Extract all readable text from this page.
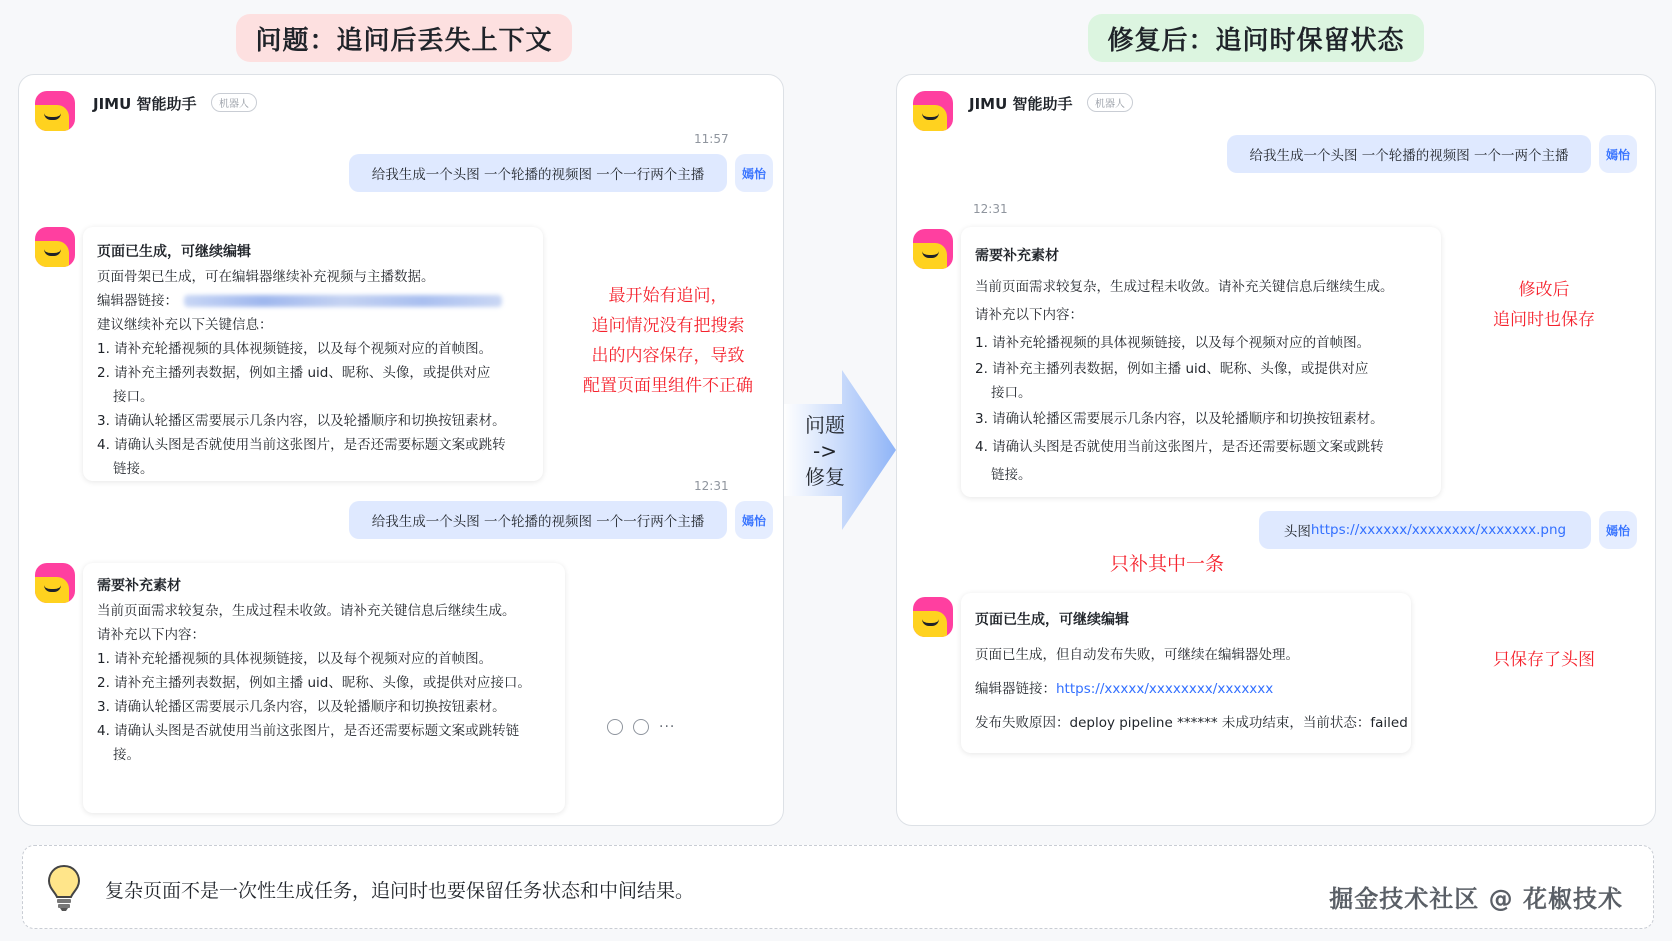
问题：追问后丢失上下文	修复后：追问时保留状态
JIMU 智能助手	机器人
11:57
给我生成一个头图 一个轮播的视频图 一个一行两个主播	嫣怡
页面已生成，可继续编辑
页面骨架已生成，可在编辑器继续补充视频与主播数据。
编辑器链接：
建议继续补充以下关键信息：
1. 请补充轮播视频的具体视频链接，以及每个视频对应的首帧图。
2. 请补充主播列表数据，例如主播 uid、昵称、头像，或提供对应
接口。
3. 请确认轮播区需要展示几条内容，以及轮播顺序和切换按钮素材。
4. 请确认头图是否就使用当前这张图片，是否还需要标题文案或跳转
链接。
最开始有追问，
追问情况没有把搜索
出的内容保存，导致
配置页面里组件不正确
12:31
给我生成一个头图 一个轮播的视频图 一个一行两个主播	嫣怡
需要补充素材
当前页面需求较复杂，生成过程未收敛。请补充关键信息后继续生成。
请补充以下内容：
1. 请补充轮播视频的具体视频链接，以及每个视频对应的首帧图。
2. 请补充主播列表数据，例如主播 uid、昵称、头像，或提供对应接口。
3. 请确认轮播区需要展示几条内容，以及轮播顺序和切换按钮素材。
4. 请确认头图是否就使用当前这张图片，是否还需要标题文案或跳转链
接。
···
问题
->
修复
JIMU 智能助手	机器人
给我生成一个头图 一个轮播的视频图 一个一两个主播	嫣怡
12:31
需要补充素材
当前页面需求较复杂，生成过程未收敛。请补充关键信息后继续生成。
请补充以下内容：
1. 请补充轮播视频的具体视频链接，以及每个视频对应的首帧图。
2. 请补充主播列表数据，例如主播 uid、昵称、头像，或提供对应
接口。
3. 请确认轮播区需要展示几条内容，以及轮播顺序和切换按钮素材。
4. 请确认头图是否就使用当前这张图片，是否还需要标题文案或跳转
链接。
修改后
追问时也保存
只补其中一条
头图 https://xxxxxx/xxxxxxxx/xxxxxxx.png	嫣怡
页面已生成，可继续编辑
页面已生成，但自动发布失败，可继续在编辑器处理。
编辑器链接：https://xxxxx/xxxxxxxx/xxxxxxx
发布失败原因：deploy pipeline ****** 未成功结束，当前状态：failed
只保存了头图
复杂页面不是一次性生成任务，追问时也要保留任务状态和中间结果。	掘金技术社区 @ 花椒技术
